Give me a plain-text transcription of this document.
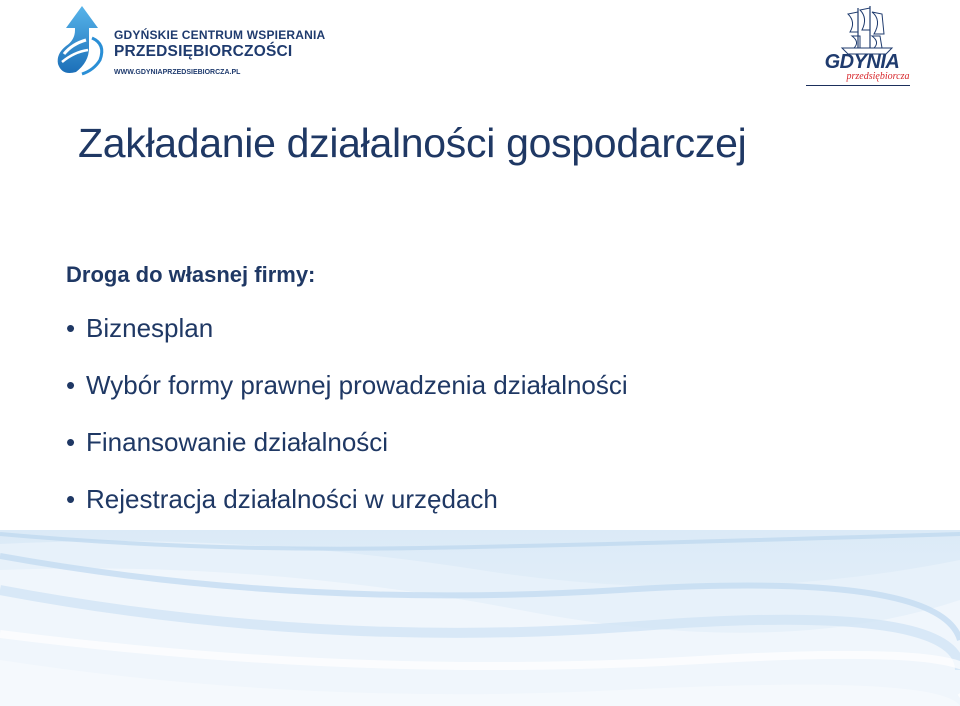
GDYŃSKIE CENTRUM WSPIERANIA
PRZEDSIĘBIORCZOŚCI
WWW.GDYNIAPRZEDSIEBIORCZA.PL	GDYNIA
przedsiębiorcza
Zakładanie działalności gospodarczej
Droga do własnej firmy:
• Biznesplan
• Wybór formy prawnej prowadzenia działalności
• Finansowanie działalności
• Rejestracja działalności w urzędach
